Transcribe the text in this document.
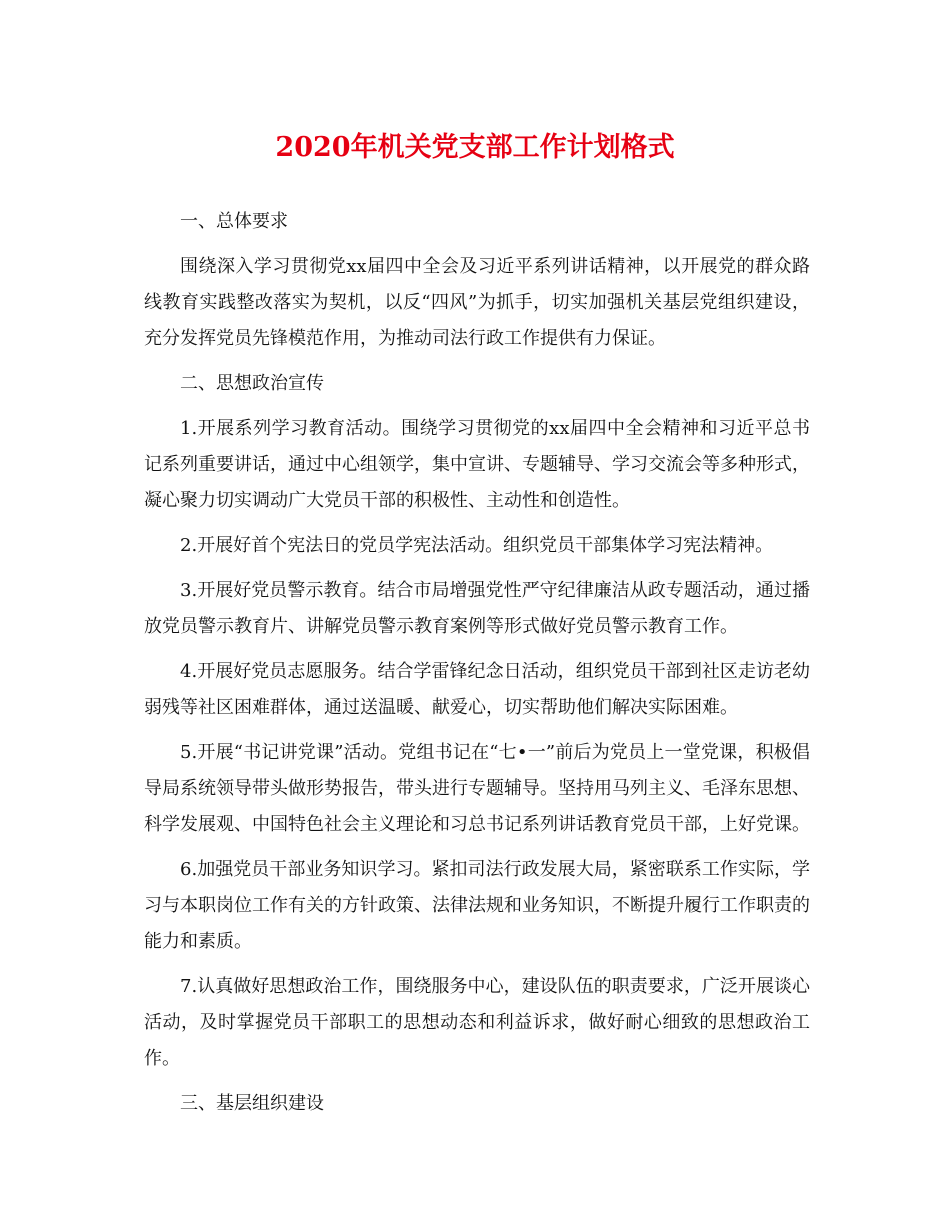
2020年机关党支部工作计划格式

一、总体要求

围绕深入学习贯彻党xx届四中全会及习近平系列讲话精神，以开展党的群众路线教育实践整改落实为契机，以反“四风”为抓手，切实加强机关基层党组织建设，充分发挥党员先锋模范作用，为推动司法行政工作提供有力保证。

二、思想政治宣传

1.开展系列学习教育活动。围绕学习贯彻党的xx届四中全会精神和习近平总书记系列重要讲话，通过中心组领学，集中宣讲、专题辅导、学习交流会等多种形式，凝心聚力切实调动广大党员干部的积极性、主动性和创造性。

2.开展好首个宪法日的党员学宪法活动。组织党员干部集体学习宪法精神。

3.开展好党员警示教育。结合市局增强党性严守纪律廉洁从政专题活动，通过播放党员警示教育片、讲解党员警示教育案例等形式做好党员警示教育工作。

4.开展好党员志愿服务。结合学雷锋纪念日活动，组织党员干部到社区走访老幼弱残等社区困难群体，通过送温暖、献爱心，切实帮助他们解决实际困难。

5.开展“书记讲党课”活动。党组书记在“七•一”前后为党员上一堂党课，积极倡导局系统领导带头做形势报告，带头进行专题辅导。坚持用马列主义、毛泽东思想、科学发展观、中国特色社会主义理论和习总书记系列讲话教育党员干部，上好党课。

6.加强党员干部业务知识学习。紧扣司法行政发展大局，紧密联系工作实际，学习与本职岗位工作有关的方针政策、法律法规和业务知识，不断提升履行工作职责的能力和素质。

7.认真做好思想政治工作，围绕服务中心，建设队伍的职责要求，广泛开展谈心活动，及时掌握党员干部职工的思想动态和利益诉求，做好耐心细致的思想政治工作。

三、基层组织建设
